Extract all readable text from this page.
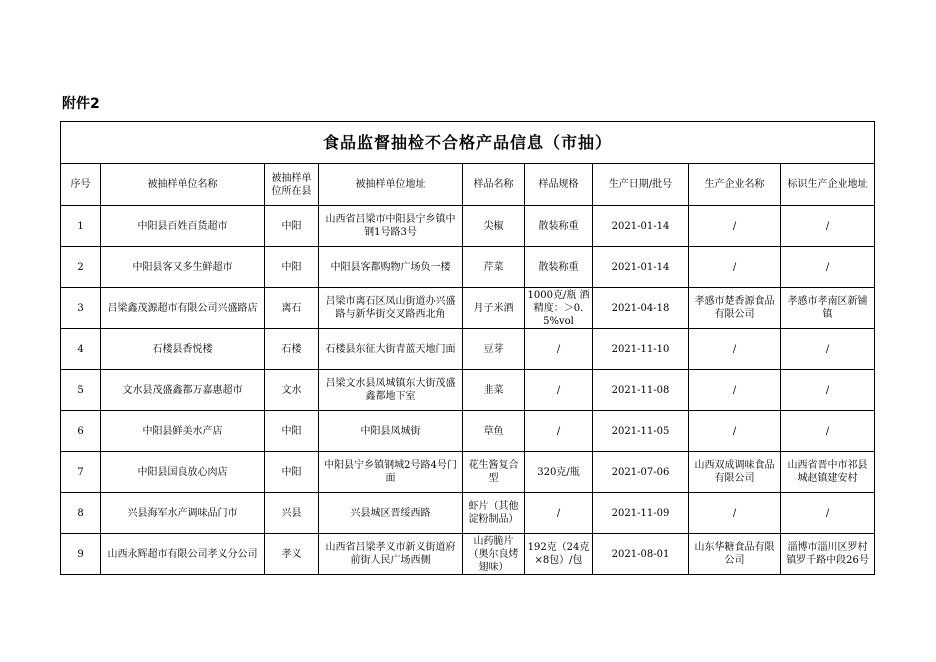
附件2
食品监督抽检不合格产品信息（市抽）								
序号	被抽样单位名称	被抽样单位所在县	被抽样单位地址	样品名称	样品规格	生产日期/批号	生产企业名称	标识生产企业地址
1	中阳县百姓百货超市	中阳	山西省吕梁市中阳县宁乡镇中钢1号路3号	尖椒	散装称重	2021-01-14	/	/
2	中阳县客又多生鲜超市	中阳	中阳县客都购物广场负一楼	芹菜	散装称重	2021-01-14	/	/
3	吕梁鑫茂源超市有限公司兴盛路店	离石	吕梁市离石区凤山街道办兴盛路与新华街交叉路西北角	月子米酒	1000克/瓶 酒精度：＞0.5%vol	2021-04-18	孝感市楚香源食品有限公司	孝感市孝南区新铺镇
4	石楼县香悦楼	石楼	石楼县东征大街青蓝天地门面	豆芽	/	2021-11-10	/	/
5	文水县茂盛鑫都万嘉惠超市	文水	吕梁文水县凤城镇东大街茂盛鑫都地下室	韭菜	/	2021-11-08	/	/
6	中阳县鲜美水产店	中阳	中阳县凤城街	草鱼	/	2021-11-05	/	/
7	中阳县国良放心肉店	中阳	中阳县宁乡镇钢城2号路4号门面	花生酱复合型	320克/瓶	2021-07-06	山西双成调味食品有限公司	山西省晋中市祁县城赵镇建安村
8	兴县海军水产调味品门市	兴县	兴县城区晋绥西路	虾片（其他淀粉制品）	/	2021-11-09	/	/
9	山西永辉超市有限公司孝义分公司	孝义	山西省吕梁孝义市新义街道府前街人民广场西侧	山药脆片（奥尔良烤翅味）	192克（24克×8包）/包	2021-08-01	山东华糖食品有限公司	淄博市淄川区罗村镇罗千路中段26号
